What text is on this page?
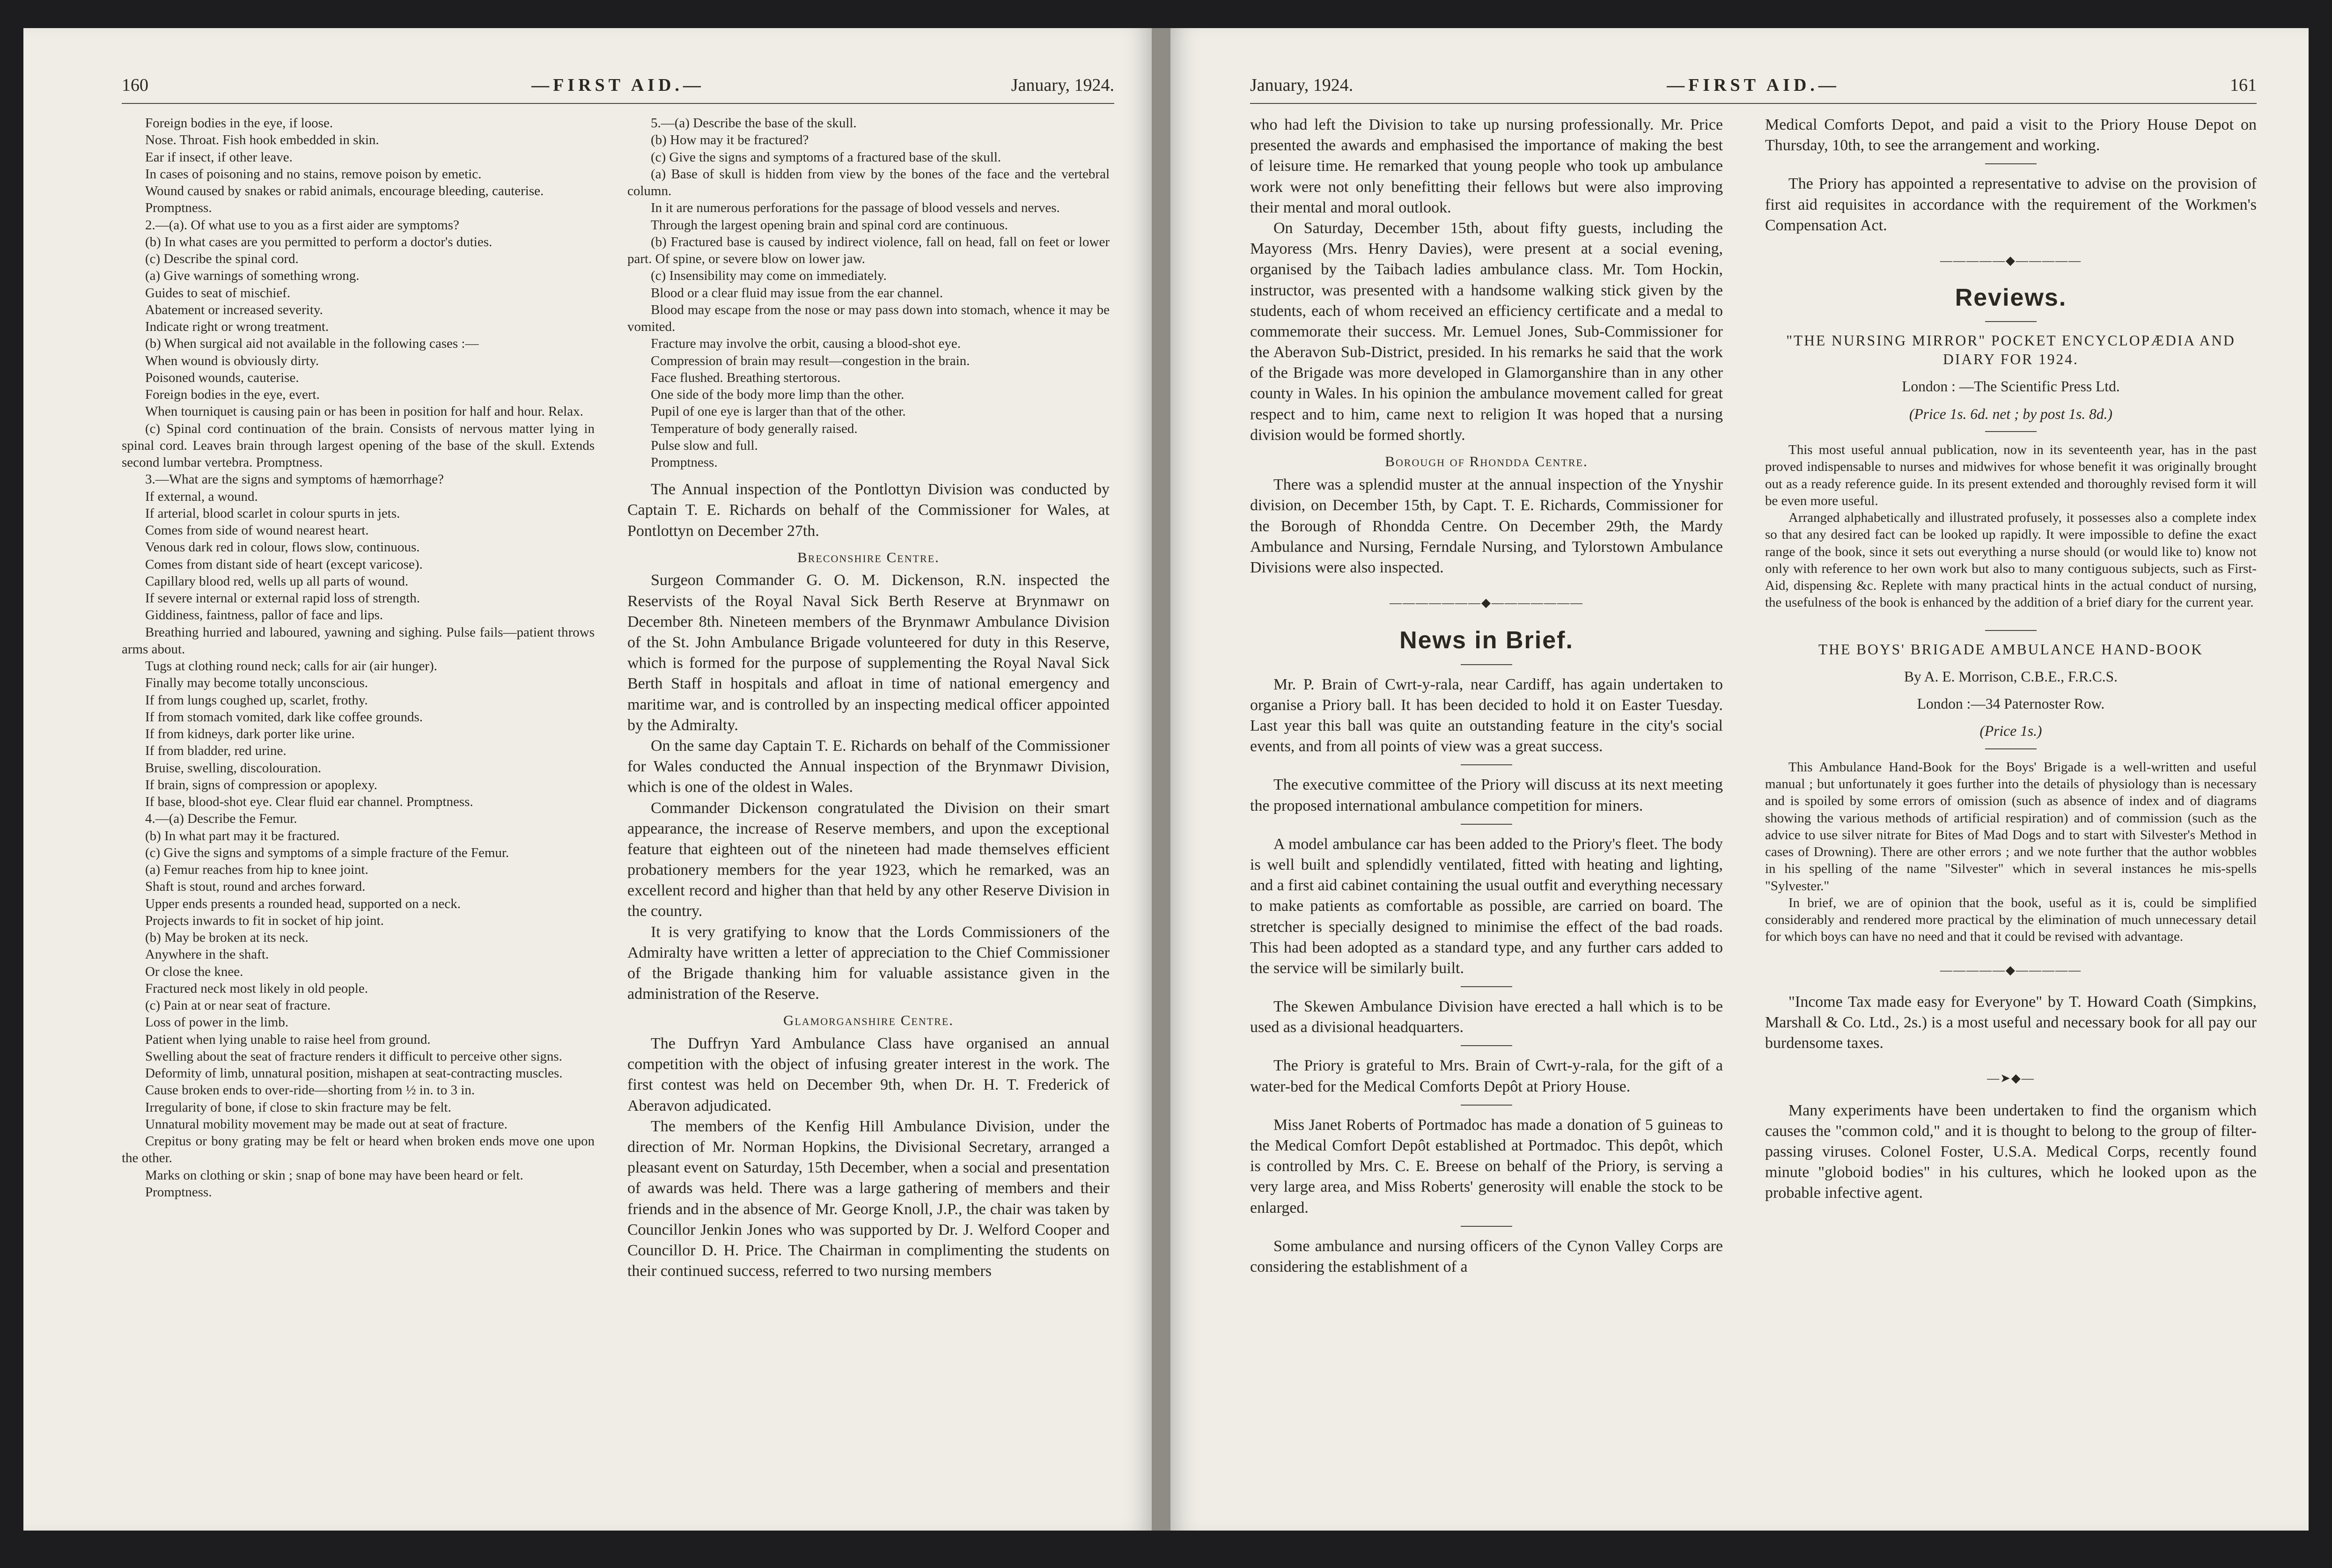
160	—FIRST AID.—	January, 1924.

Foreign bodies in the eye, if loose.

Nose. Throat. Fish hook embedded in skin.

Ear if insect, if other leave.

In cases of poisoning and no stains, remove poison by emetic.

Wound caused by snakes or rabid animals, encourage bleeding, cauterise.

Promptness.

2.—(a). Of what use to you as a first aider are symptoms?

(b) In what cases are you permitted to perform a doctor's duties.

(c) Describe the spinal cord.

(a) Give warnings of something wrong.

Guides to seat of mischief.

Abatement or increased severity.

Indicate right or wrong treatment.

(b) When surgical aid not available in the following cases :—

When wound is obviously dirty.

Poisoned wounds, cauterise.

Foreign bodies in the eye, evert.

When tourniquet is causing pain or has been in position for half and hour. Relax.

(c) Spinal cord continuation of the brain. Consists of nervous matter lying in spinal cord. Leaves brain through largest opening of the base of the skull. Extends second lumbar vertebra. Promptness.

3.—What are the signs and symptoms of hæmorrhage?

If external, a wound.

If arterial, blood scarlet in colour spurts in jets.

Comes from side of wound nearest heart.

Venous dark red in colour, flows slow, continuous.

Comes from distant side of heart (except varicose).

Capillary blood red, wells up all parts of wound.

If severe internal or external rapid loss of strength.

Giddiness, faintness, pallor of face and lips.

Breathing hurried and laboured, yawning and sighing. Pulse fails—patient throws arms about.

Tugs at clothing round neck; calls for air (air hunger).

Finally may become totally unconscious.

If from lungs coughed up, scarlet, frothy.

If from stomach vomited, dark like coffee grounds.

If from kidneys, dark porter like urine.

If from bladder, red urine.

Bruise, swelling, discolouration.

If brain, signs of compression or apoplexy.

If base, blood-shot eye. Clear fluid ear channel. Promptness.

4.—(a) Describe the Femur.

(b) In what part may it be fractured.

(c) Give the signs and symptoms of a simple fracture of the Femur.

(a) Femur reaches from hip to knee joint.

Shaft is stout, round and arches forward.

Upper ends presents a rounded head, supported on a neck.

Projects inwards to fit in socket of hip joint.

(b) May be broken at its neck.

Anywhere in the shaft.

Or close the knee.

Fractured neck most likely in old people.

(c) Pain at or near seat of fracture.

Loss of power in the limb.

Patient when lying unable to raise heel from ground.

Swelling about the seat of fracture renders it difficult to perceive other signs.

Deformity of limb, unnatural position, mishapen at seat-contracting muscles.

Cause broken ends to over-ride—shorting from ½ in. to 3 in.

Irregularity of bone, if close to skin fracture may be felt.

Unnatural mobility movement may be made out at seat of fracture.

Crepitus or bony grating may be felt or heard when broken ends move one upon the other.

Marks on clothing or skin ; snap of bone may have been heard or felt.

Promptness.

5.—(a) Describe the base of the skull.

(b) How may it be fractured?

(c) Give the signs and symptoms of a fractured base of the skull.

(a) Base of skull is hidden from view by the bones of the face and the vertebral column.

In it are numerous perforations for the passage of blood vessels and nerves.

Through the largest opening brain and spinal cord are continuous.

(b) Fractured base is caused by indirect violence, fall on head, fall on feet or lower part. Of spine, or severe blow on lower jaw.

(c) Insensibility may come on immediately.

Blood or a clear fluid may issue from the ear channel.

Blood may escape from the nose or may pass down into stomach, whence it may be vomited.

Fracture may involve the orbit, causing a blood-shot eye.

Compression of brain may result—congestion in the brain.

Face flushed. Breathing stertorous.

One side of the body more limp than the other.

Pupil of one eye is larger than that of the other.

Temperature of body generally raised.

Pulse slow and full.

Promptness.

The Annual inspection of the Pontlottyn Division was conducted by Captain T. E. Richards on behalf of the Commissioner for Wales, at Pontlottyn on December 27th.

Breconshire Centre.

Surgeon Commander G. O. M. Dickenson, R.N. inspected the Reservists of the Royal Naval Sick Berth Reserve at Brynmawr on December 8th. Nineteen members of the Brynmawr Ambulance Division of the St. John Ambulance Brigade volunteered for duty in this Reserve, which is formed for the purpose of supplementing the Royal Naval Sick Berth Staff in hospitals and afloat in time of national emergency and maritime war, and is controlled by an inspecting medical officer appointed by the Admiralty.

On the same day Captain T. E. Richards on behalf of the Commissioner for Wales conducted the Annual inspection of the Brynmawr Division, which is one of the oldest in Wales.

Commander Dickenson congratulated the Division on their smart appearance, the increase of Reserve members, and upon the exceptional feature that eighteen out of the nineteen had made themselves efficient probationery members for the year 1923, which he remarked, was an excellent record and higher than that held by any other Reserve Division in the country.

It is very gratifying to know that the Lords Commissioners of the Admiralty have written a letter of appreciation to the Chief Commissioner of the Brigade thanking him for valuable assistance given in the administration of the Reserve.

Glamorganshire Centre.

The Duffryn Yard Ambulance Class have organised an annual competition with the object of infusing greater interest in the work. The first contest was held on December 9th, when Dr. H. T. Frederick of Aberavon adjudicated.

The members of the Kenfig Hill Ambulance Division, under the direction of Mr. Norman Hopkins, the Divisional Secretary, arranged a pleasant event on Saturday, 15th December, when a social and presentation of awards was held. There was a large gathering of members and their friends and in the absence of Mr. George Knoll, J.P., the chair was taken by Councillor Jenkin Jones who was supported by Dr. J. Welford Cooper and Councillor D. H. Price. The Chairman in complimenting the students on their continued success, referred to two nursing members

January, 1924.	—FIRST AID.—	161

who had left the Division to take up nursing professionally. Mr. Price presented the awards and emphasised the importance of making the best of leisure time. He remarked that young people who took up ambulance work were not only benefitting their fellows but were also improving their mental and moral outlook.

On Saturday, December 15th, about fifty guests, including the Mayoress (Mrs. Henry Davies), were present at a social evening, organised by the Taibach ladies ambulance class. Mr. Tom Hockin, instructor, was presented with a handsome walking stick given by the students, each of whom received an efficiency certificate and a medal to commemorate their success. Mr. Lemuel Jones, Sub-Commissioner for the Aberavon Sub-District, presided. In his remarks he said that the work of the Brigade was more developed in Glamorganshire than in any other county in Wales. In his opinion the ambulance movement called for great respect and to him, came next to religion It was hoped that a nursing division would be formed shortly.

Borough of Rhondda Centre.

There was a splendid muster at the annual inspection of the Ynyshir division, on December 15th, by Capt. T. E. Richards, Commissioner for the Borough of Rhondda Centre. On December 29th, the Mardy Ambulance and Nursing, Ferndale Nursing, and Tylorstown Ambulance Divisions were also inspected.

———————◆———————

News in Brief.

Mr. P. Brain of Cwrt-y-rala, near Cardiff, has again undertaken to organise a Priory ball. It has been decided to hold it on Easter Tuesday. Last year this ball was quite an outstanding feature in the city's social events, and from all points of view was a great success.

The executive committee of the Priory will discuss at its next meeting the proposed international ambulance competition for miners.

A model ambulance car has been added to the Priory's fleet. The body is well built and splendidly ventilated, fitted with heating and lighting, and a first aid cabinet containing the usual outfit and everything necessary to make patients as comfortable as possible, are carried on board. The stretcher is specially designed to minimise the effect of the bad roads. This had been adopted as a standard type, and any further cars added to the service will be similarly built.

The Skewen Ambulance Division have erected a hall which is to be used as a divisional headquarters.

The Priory is grateful to Mrs. Brain of Cwrt-y-rala, for the gift of a water-bed for the Medical Comforts Depôt at Priory House.

Miss Janet Roberts of Portmadoc has made a donation of 5 guineas to the Medical Comfort Depôt established at Portmadoc. This depôt, which is controlled by Mrs. C. E. Breese on behalf of the Priory, is serving a very large area, and Miss Roberts' generosity will enable the stock to be enlarged.

Some ambulance and nursing officers of the Cynon Valley Corps are considering the establishment of a

Medical Comforts Depot, and paid a visit to the Priory House Depot on Thursday, 10th, to see the arrangement and working.

The Priory has appointed a representative to advise on the provision of first aid requisites in accordance with the requirement of the Workmen's Compensation Act.

—————◆—————

Reviews.

"THE NURSING MIRROR" POCKET ENCYCLOPÆDIA AND DIARY FOR 1924.

London : —The Scientific Press Ltd.

(Price 1s. 6d. net ; by post 1s. 8d.)

This most useful annual publication, now in its seventeenth year, has in the past proved indispensable to nurses and midwives for whose benefit it was originally brought out as a ready reference guide. In its present extended and thoroughly revised form it will be even more useful.

Arranged alphabetically and illustrated profusely, it possesses also a complete index so that any desired fact can be looked up rapidly. It were impossible to define the exact range of the book, since it sets out everything a nurse should (or would like to) know not only with reference to her own work but also to many contiguous subjects, such as First-Aid, dispensing &c. Replete with many practical hints in the actual conduct of nursing, the usefulness of the book is enhanced by the addition of a brief diary for the current year.

THE BOYS' BRIGADE AMBULANCE HAND-BOOK

By A. E. Morrison, C.B.E., F.R.C.S.

London :—34 Paternoster Row.

(Price 1s.)

This Ambulance Hand-Book for the Boys' Brigade is a well-written and useful manual ; but unfortunately it goes further into the details of physiology than is necessary and is spoiled by some errors of omission (such as absence of index and of diagrams showing the various methods of artificial respiration) and of commission (such as the advice to use silver nitrate for Bites of Mad Dogs and to start with Silvester's Method in cases of Drowning). There are other errors ; and we note further that the author wobbles in his spelling of the name "Silvester" which in several instances he mis-spells "Sylvester."

In brief, we are of opinion that the book, useful as it is, could be simplified considerably and rendered more practical by the elimination of much unnecessary detail for which boys can have no need and that it could be revised with advantage.

—————◆—————

"Income Tax made easy for Everyone" by T. Howard Coath (Simpkins, Marshall & Co. Ltd., 2s.) is a most useful and necessary book for all pay our burdensome taxes.

—➤◆—

Many experiments have been undertaken to find the organism which causes the "common cold," and it is thought to belong to the group of filter-passing viruses. Colonel Foster, U.S.A. Medical Corps, recently found minute "globoid bodies" in his cultures, which he looked upon as the probable infective agent.
